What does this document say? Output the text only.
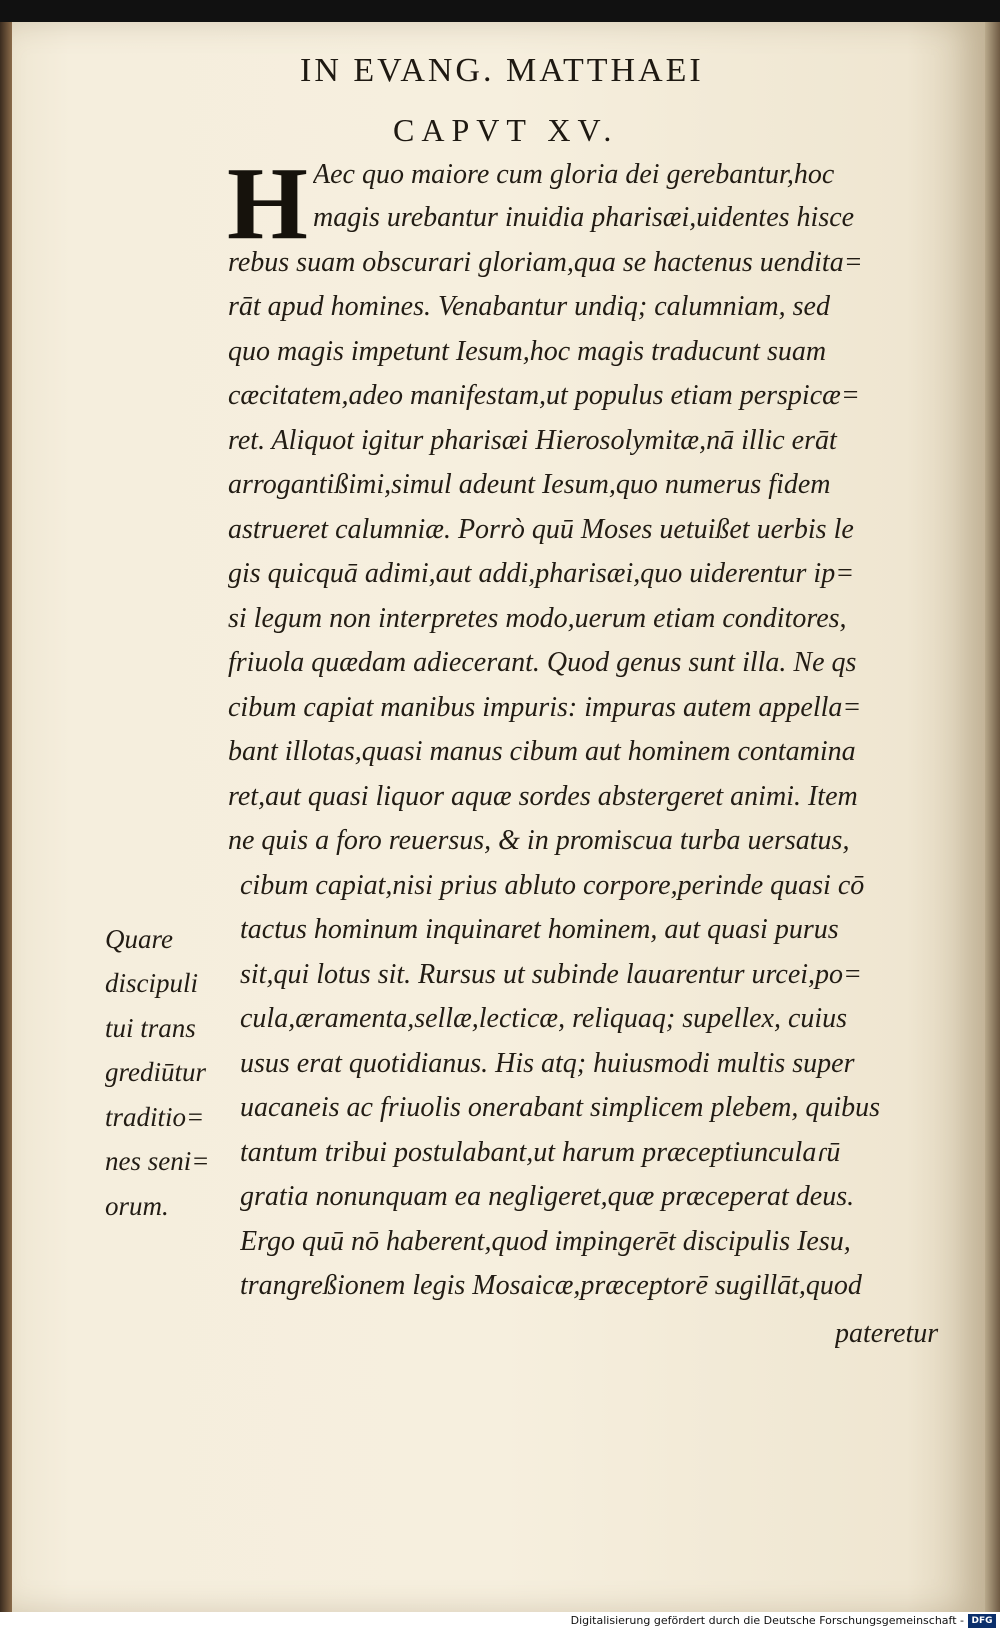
IN EVANG. MATTHAEI
CAPVT XV.
H Aec quo maiore cum gloria dei gerebantur,hoc
magis urebantur inuidia pharisæi,uidentes hisce
rebus suam obscurari gloriam,qua se hactenus uendita=
rāt apud homines. Venabantur undiq; calumniam, sed
quo magis impetunt Iesum,hoc magis traducunt suam
cæcitatem,adeo manifestam,ut populus etiam perspicæ=
ret. Aliquot igitur pharisæi Hierosolymitæ,nā illic erāt
arrogantißimi,simul adeunt Iesum,quo numerus fidem
astrueret calumniæ. Porrò quū Moses uetuißet uerbis le
gis quicquā adimi,aut addi,pharisæi,quo uiderentur ip=
si legum non interpretes modo,uerum etiam conditores,
friuola quædam adiecerant. Quod genus sunt illa. Ne qs
cibum capiat manibus impuris: impuras autem appella=
bant illotas,quasi manus cibum aut hominem contamina
ret,aut quasi liquor aquæ sordes abstergeret animi. Item
ne quis a foro reuersus, & in promiscua turba uersatus,
cibum capiat,nisi prius abluto corpore,perinde quasi cō
tactus hominum inquinaret hominem, aut quasi purus
sit,qui lotus sit. Rursus ut subinde lauarentur urcei,po=
cula,æramenta,sellæ,lecticæ, reliquaq; supellex, cuius
usus erat quotidianus. His atq; huiusmodi multis super
uacaneis ac friuolis onerabant simplicem plebem, quibus
tantum tribui postulabant,ut harum præceptiunculaɾū
gratia nonunquam ea negligeret,quæ præceperat deus.
Ergo quū nō haberent,quod impingerēt discipulis Iesu,
trangreßionem legis Mosaicæ,præceptorē sugillāt,quod
pateretur
Quare
discipuli
tui trans
grediūtur
traditio=
nes seni=
orum.
Digitalisierung gefördert durch die Deutsche Forschungsgemeinschaft - DFG
